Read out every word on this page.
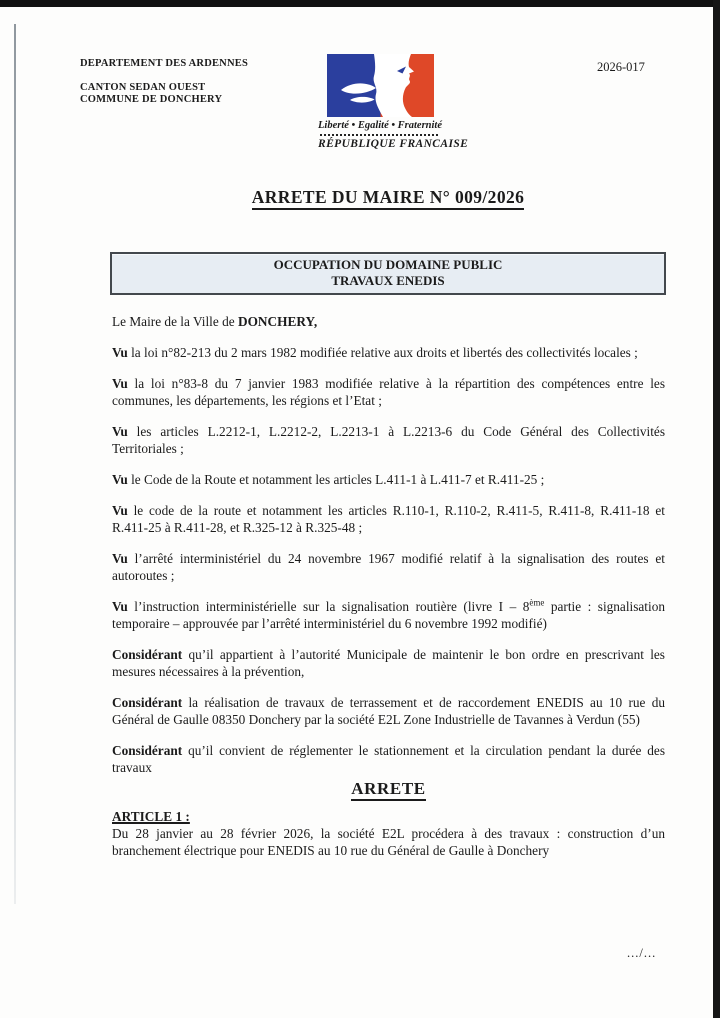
DEPARTEMENT DES ARDENNES
CANTON SEDAN OUEST
COMMUNE DE DONCHERY
Liberté • Egalité • Fraternité
RÉPUBLIQUE FRANCAISE
2026-017
ARRETE DU MAIRE N° 009/2026
OCCUPATION DU DOMAINE PUBLIC
TRAVAUX ENEDIS

Le Maire de la Ville de DONCHERY,

Vu la loi n°82-213 du 2 mars 1982 modifiée relative aux droits et libertés des collectivités locales ;

Vu la loi n°83-8 du 7 janvier 1983 modifiée relative à la répartition des compétences entre les communes, les départements, les régions et l’Etat ;

Vu les articles L.2212-1, L.2212-2, L.2213-1 à L.2213-6 du Code Général des Collectivités Territoriales ;

Vu le Code de la Route et notamment les articles L.411-1 à L.411-7 et R.411-25 ;

Vu le code de la route et notamment les articles R.110-1, R.110-2, R.411-5, R.411-8, R.411-18 et R.411-25 à R.411-28, et R.325-12 à R.325-48 ;

Vu l’arrêté interministériel du 24 novembre 1967 modifié relatif à la signalisation des routes et autoroutes ;

Vu l’instruction interministérielle sur la signalisation routière (livre I – 8ème partie : signalisation temporaire – approuvée par l’arrêté interministériel du 6 novembre 1992 modifié)

Considérant qu’il appartient à l’autorité Municipale de maintenir le bon ordre en prescrivant les mesures nécessaires à la prévention,

Considérant la réalisation de travaux de terrassement et de raccordement ENEDIS au 10 rue du Général de Gaulle 08350 Donchery par la société E2L Zone Industrielle de Tavannes à Verdun (55)

Considérant qu’il convient de réglementer le stationnement et la circulation pendant la durée des travaux

ARRETE

ARTICLE 1 :
Du 28 janvier au 28 février 2026, la société E2L procédera à des travaux : construction d’un branchement électrique pour ENEDIS au 10 rue du Général de Gaulle à Donchery

.../...
